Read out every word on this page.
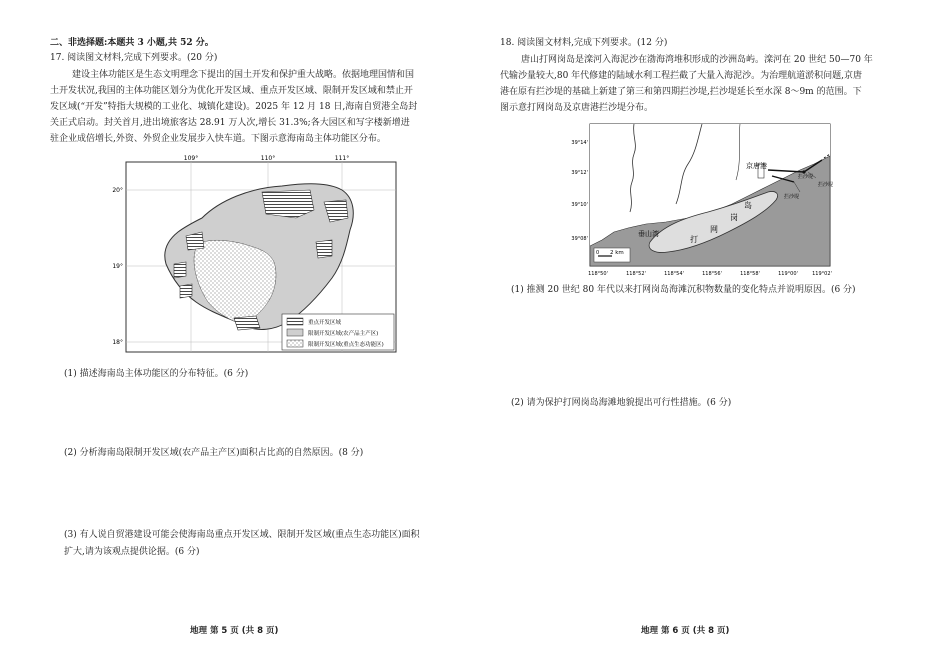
二、非选择题:本题共 3 小题,共 52 分。
17. 阅读图文材料,完成下列要求。(20 分)
建设主体功能区是生态文明理念下提出的国土开发和保护重大战略。依据地理国情和国
土开发状况,我国的主体功能区划分为优化开发区域、重点开发区域、限制开发区域和禁止开
发区域(“开发”特指大规模的工业化、城镇化建设)。2025 年 12 月 18 日,海南自贸港全岛封
关正式启动。封关首月,进出境旅客达 28.91 万人次,增长 31.3%;各大园区和写字楼新增进
驻企业成倍增长,外资、外贸企业发展步入快车道。下图示意海南岛主体功能区分布。
109°	110°	111°
20°
19°
18°
重点开发区域
限制开发区域(农产品主产区)
限制开发区域(重点生态功能区)
(1) 描述海南岛主体功能区的分布特征。(6 分)
(2) 分析海南岛限制开发区域(农产品主产区)面积占比高的自然原因。(8 分)
(3) 有人说自贸港建设可能会使海南岛重点开发区域、限制开发区域(重点生态功能区)面积
扩大,请为该观点提供论据。(6 分)
地理 第 5 页 (共 8 页)
18. 阅读图文材料,完成下列要求。(12 分)
唐山打网岗岛是滦河入海泥沙在渤海湾堆积形成的沙洲岛屿。滦河在 20 世纪 50—70 年
代输沙量较大,80 年代修建的陆域水利工程拦截了大量入海泥沙。为治理航道淤积问题,京唐
港在原有拦沙堤的基础上新建了第三和第四期拦沙堤,拦沙堤延长至水深 8～9m 的范围。下
图示意打网岗岛及京唐港拦沙堤分布。
京唐港
拦沙堤
拦沙堤
拦沙堤
垂山湾
打
网
岗
岛
39°14'
39°12'
39°10'
39°08'
118°50'	118°52'	118°54'	118°56'	118°58'	119°00'	119°02'
0 2 km
(1) 推测 20 世纪 80 年代以来打网岗岛海滩沉积物数量的变化特点并说明原因。(6 分)
(2) 请为保护打网岗岛海滩地貌提出可行性措施。(6 分)
地理 第 6 页 (共 8 页)
